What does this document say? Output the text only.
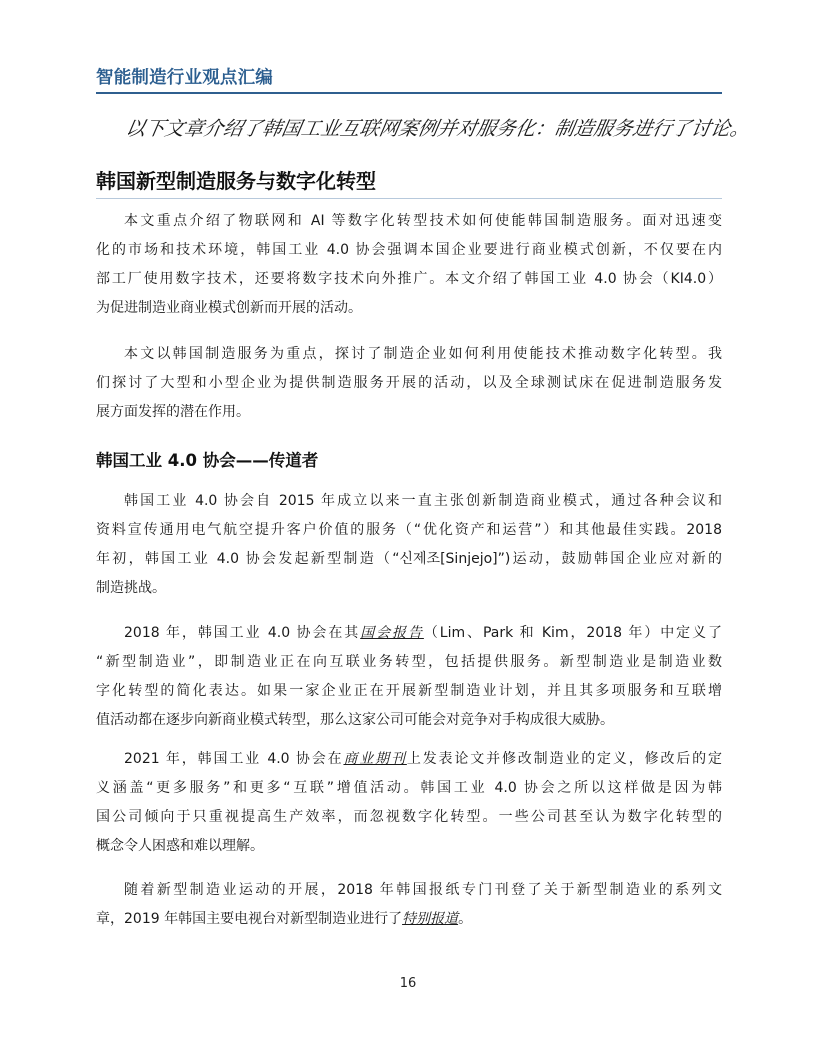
智能制造行业观点汇编
以下文章介绍了韩国工业互联网案例并对服务化：制造服务进行了讨论。
韩国新型制造服务与数字化转型
本文重点介绍了物联网和 AI 等数字化转型技术如何使能韩国制造服务。面对迅速变
化的市场和技术环境，韩国工业 4.0 协会强调本国企业要进行商业模式创新，不仅要在内
部工厂使用数字技术，还要将数字技术向外推广。本文介绍了韩国工业 4.0 协会（KI4.0）
为促进制造业商业模式创新而开展的活动。
本文以韩国制造服务为重点，探讨了制造企业如何利用使能技术推动数字化转型。我
们探讨了大型和小型企业为提供制造服务开展的活动，以及全球测试床在促进制造服务发
展方面发挥的潜在作用。
韩国工业 4.0 协会——传道者
韩国工业 4.0 协会自 2015 年成立以来一直主张创新制造商业模式，通过各种会议和
资料宣传通用电气航空提升客户价值的服务（“优化资产和运营”）和其他最佳实践。2018
年初，韩国工业 4.0 协会发起新型制造（“신제조[Sinjejo]”)运动，鼓励韩国企业应对新的
制造挑战。
2018 年，韩国工业 4.0 协会在其国会报告（Lim、Park 和 Kim，2018 年）中定义了
“新型制造业”，即制造业正在向互联业务转型，包括提供服务。新型制造业是制造业数
字化转型的简化表达。如果一家企业正在开展新型制造业计划，并且其多项服务和互联增
值活动都在逐步向新商业模式转型，那么这家公司可能会对竞争对手构成很大威胁。
2021 年，韩国工业 4.0 协会在商业期刊上发表论文并修改制造业的定义，修改后的定
义涵盖“更多服务”和更多“互联”增值活动。韩国工业 4.0 协会之所以这样做是因为韩
国公司倾向于只重视提高生产效率，而忽视数字化转型。一些公司甚至认为数字化转型的
概念令人困惑和难以理解。
随着新型制造业运动的开展，2018 年韩国报纸专门刊登了关于新型制造业的系列文
章，2019 年韩国主要电视台对新型制造业进行了特别报道。
16
